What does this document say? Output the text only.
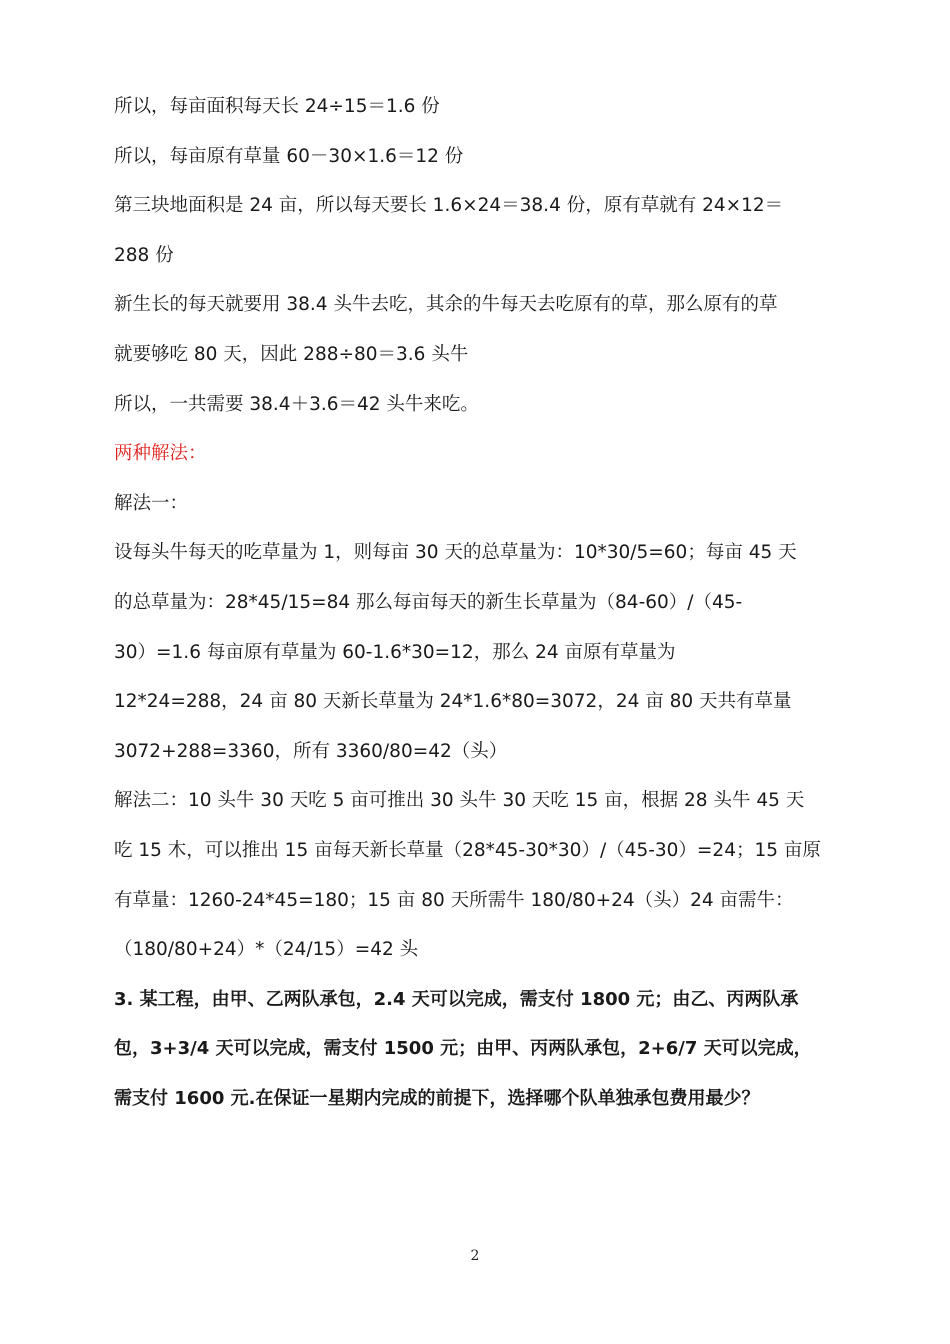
所以，每亩面积每天长 24÷15＝1.6 份

所以，每亩原有草量 60－30×1.6＝12 份

第三块地面积是 24 亩，所以每天要长 1.6×24＝38.4 份，原有草就有 24×12＝

288 份

新生长的每天就要用 38.4 头牛去吃，其余的牛每天去吃原有的草，那么原有的草

就要够吃 80 天，因此 288÷80＝3.6 头牛

所以，一共需要 38.4＋3.6＝42 头牛来吃。

两种解法：

解法一：

设每头牛每天的吃草量为 1，则每亩 30 天的总草量为：10*30/5=60；每亩 45 天

的总草量为：28*45/15=84 那么每亩每天的新生长草量为（84-60）/（45-

30）=1.6 每亩原有草量为 60-1.6*30=12，那么 24 亩原有草量为

12*24=288，24 亩 80 天新长草量为 24*1.6*80=3072，24 亩 80 天共有草量

3072+288=3360，所有 3360/80=42（头）

解法二：10 头牛 30 天吃 5 亩可推出 30 头牛 30 天吃 15 亩，根据 28 头牛 45 天

吃 15 木，可以推出 15 亩每天新长草量（28*45-30*30）/（45-30）=24；15 亩原

有草量：1260-24*45=180；15 亩 80 天所需牛 180/80+24（头）24 亩需牛：

（180/80+24）*（24/15）=42 头

3. 某工程，由甲、乙两队承包，2.4 天可以完成，需支付 1800 元；由乙、丙两队承

包，3+3/4 天可以完成，需支付 1500 元；由甲、丙两队承包，2+6/7 天可以完成，

需支付 1600 元.在保证一星期内完成的前提下，选择哪个队单独承包费用最少？

2
